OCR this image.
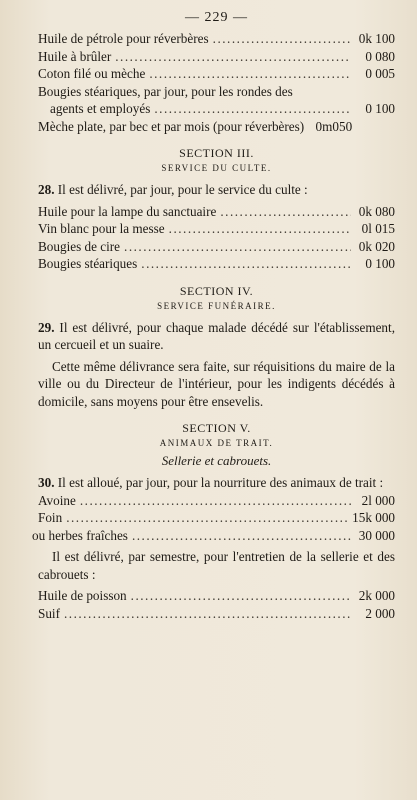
— 229 —
Huile de pétrole pour réverbères .....	0k 100
Huile à brûler .....	0 080
Coton filé ou mèche .....	0 005
Bougies stéariques, par jour, pour les rondes des
agents et employés .....	0 100
Mèche plate, par bec et par mois (pour réverbères) 0m050
SECTION III.
SERVICE DU CULTE.
28. Il est délivré, par jour, pour le service du culte :
Huile pour la lampe du sanctuaire .....	0k 080
Vin blanc pour la messe .....	0l 015
Bougies de cire .....	0k 020
Bougies stéariques .....	0 100
SECTION IV.
SERVICE FUNÉRAIRE.
29. Il est délivré, pour chaque malade décédé sur l'établissement, un cercueil et un suaire.
Cette même délivrance sera faite, sur réquisitions du maire de la ville ou du Directeur de l'intérieur, pour les indigents décédés à domicile, sans moyens pour être ensevelis.
SECTION V.
ANIMAUX DE TRAIT.
Sellerie et cabrouets.
30. Il est alloué, par jour, pour la nourriture des animaux de trait :
Avoine .....	2l 000
Foin .....	15k 000
ou herbes fraîches .....	30 000
Il est délivré, par semestre, pour l'entretien de la sellerie et des cabrouets :
Huile de poisson .....	2k 000
Suif .....	2 000
